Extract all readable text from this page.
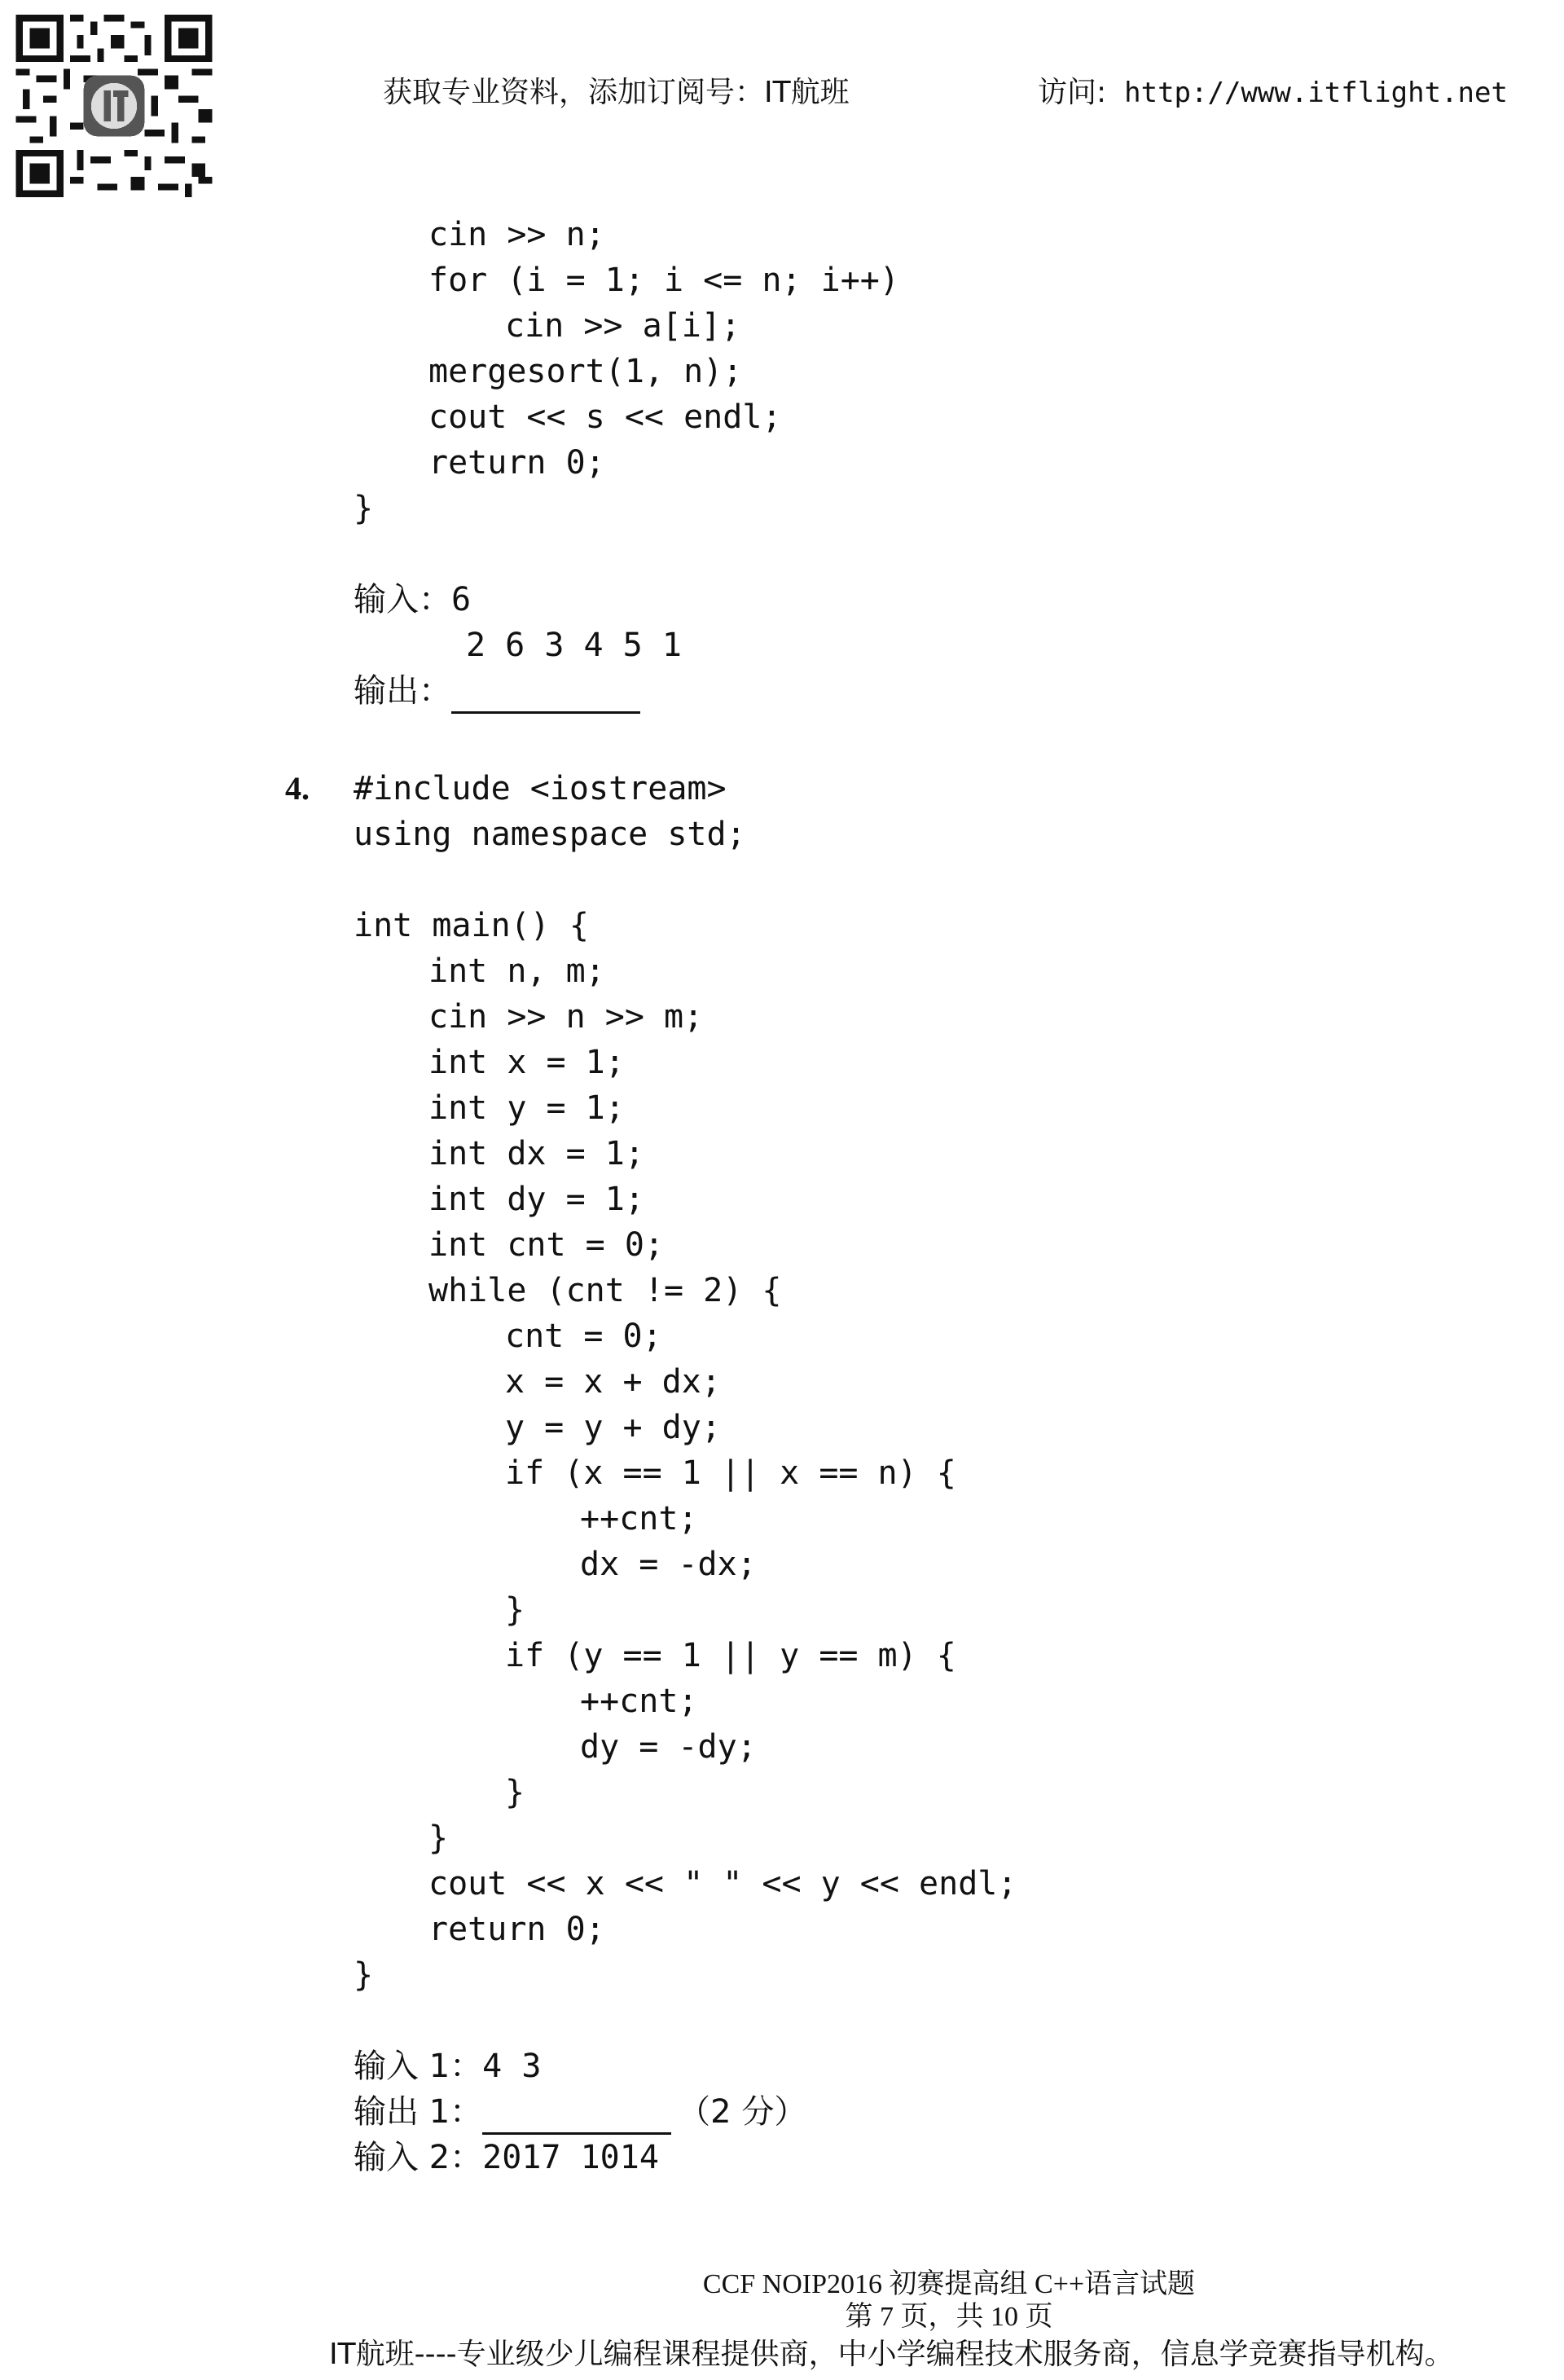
获取专业资料，添加订阅号：IT航班	访问: http://www.itflight.net
cin >> n;
for (i = 1; i <= n; i++)
cin >> a[i];
mergesort(1, n);
cout << s << endl;
return 0;
}
输入：6
2 6 3 4 5 1
输出：
4. #include <iostream>
using namespace std;
int main() {
int n, m;
cin >> n >> m;
int x = 1;
int y = 1;
int dx = 1;
int dy = 1;
int cnt = 0;
while (cnt != 2) {
cnt = 0;
x = x + dx;
y = y + dy;
if (x == 1 || x == n) {
++cnt;
dx = -dx;
}
if (y == 1 || y == m) {
++cnt;
dy = -dy;
}
}
cout << x << " " << y << endl;
return 0;
}
输入 1：4 3
输出 1：	（2 分）
输入 2：2017 1014
CCF NOIP2016 初赛提高组 C++语言试题
第 7 页，共 10 页
IT航班----专业级少儿编程课程提供商，中小学编程技术服务商，信息学竞赛指导机构。
